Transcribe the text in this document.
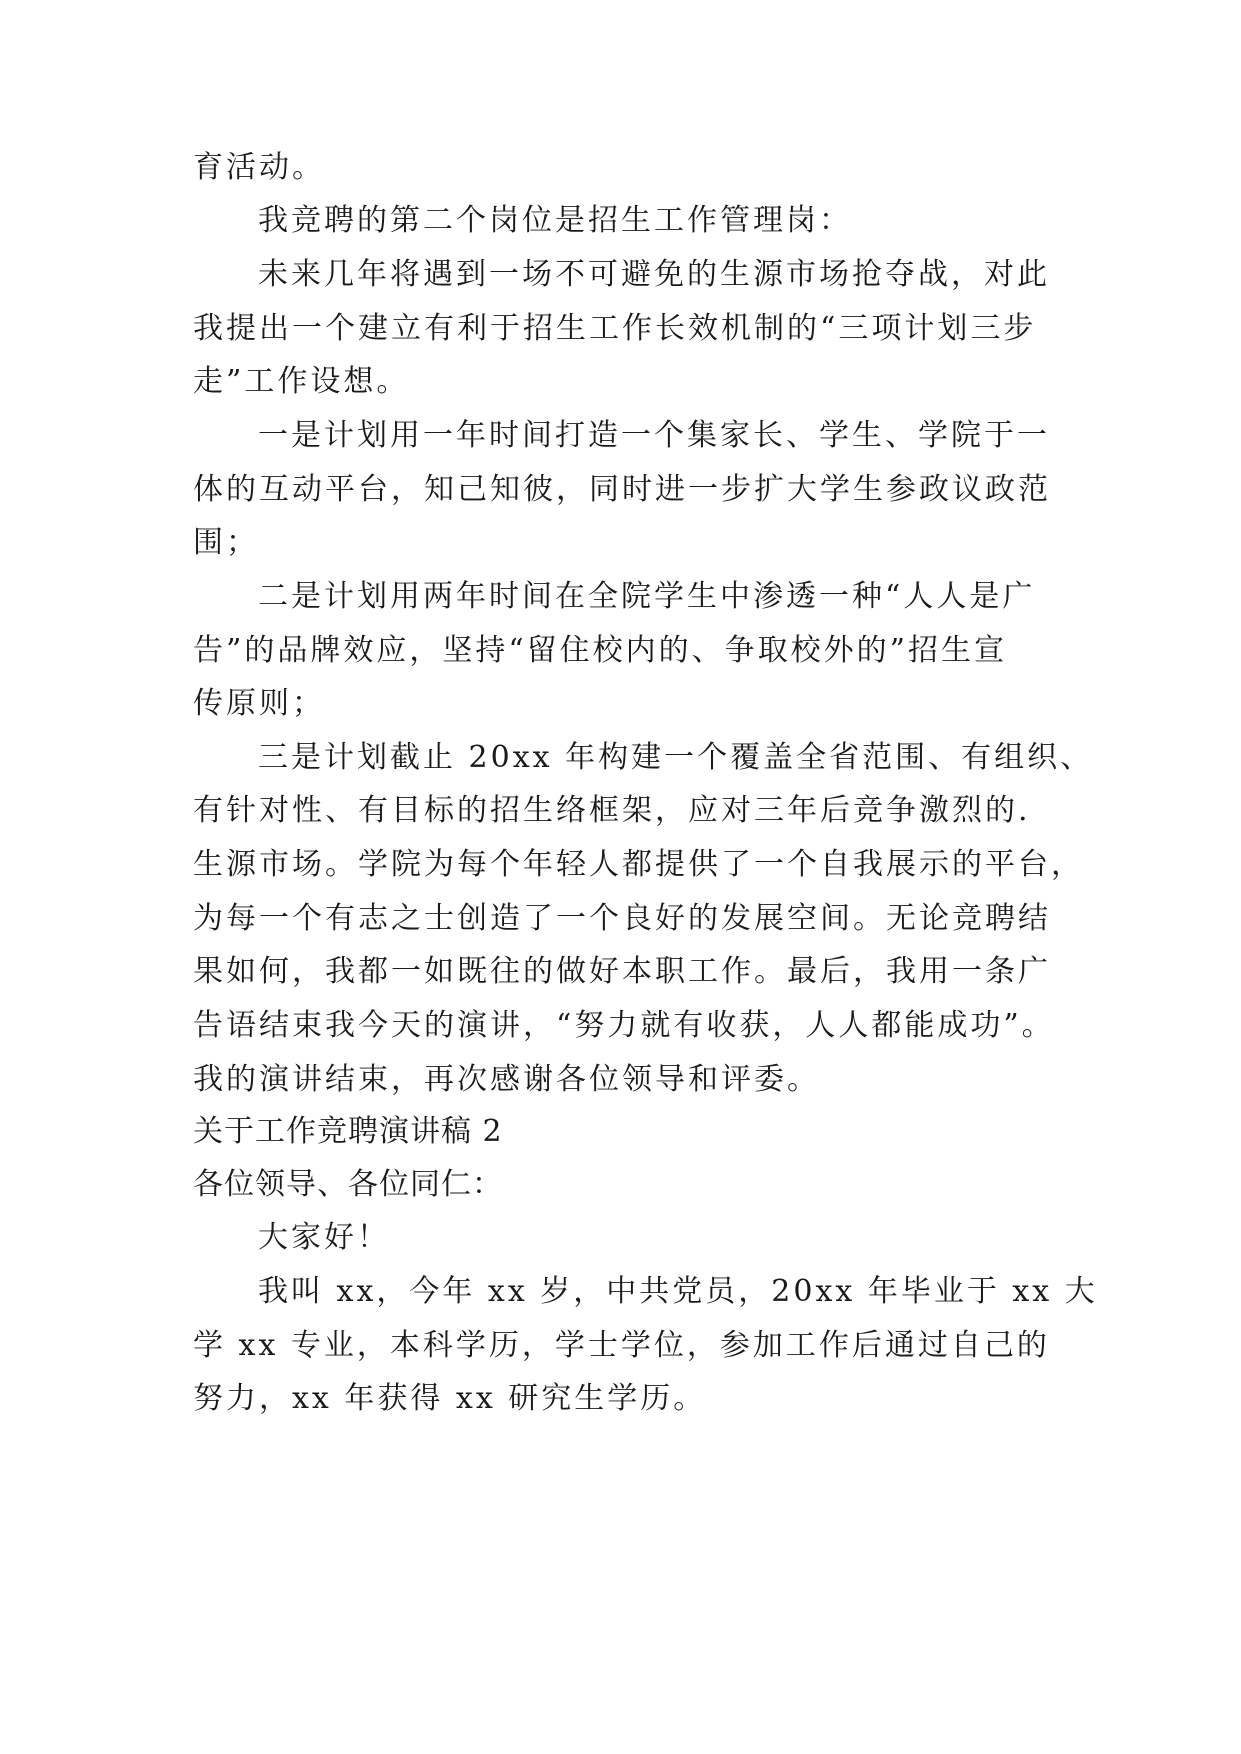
育活动。
我竞聘的第二个岗位是招生工作管理岗：
未来几年将遇到一场不可避免的生源市场抢夺战，对此
我提出一个建立有利于招生工作长效机制的“三项计划三步
走”工作设想。
一是计划用一年时间打造一个集家长、学生、学院于一
体的互动平台，知己知彼，同时进一步扩大学生参政议政范
围；
二是计划用两年时间在全院学生中渗透一种“人人是广
告”的品牌效应，坚持“留住校内的、争取校外的”招生宣
传原则；
三是计划截止 20xx 年构建一个覆盖全省范围、有组织、
有针对性、有目标的招生络框架，应对三年后竞争激烈的.
生源市场。学院为每个年轻人都提供了一个自我展示的平台，
为每一个有志之士创造了一个良好的发展空间。无论竞聘结
果如何，我都一如既往的做好本职工作。最后，我用一条广
告语结束我今天的演讲，“努力就有收获，人人都能成功”。
我的演讲结束，再次感谢各位领导和评委。
关于工作竞聘演讲稿 2
各位领导、各位同仁：
大家好！
我叫 xx，今年 xx 岁，中共党员，20xx 年毕业于 xx 大
学 xx 专业，本科学历，学士学位，参加工作后通过自己的
努力，xx 年获得 xx 研究生学历。
